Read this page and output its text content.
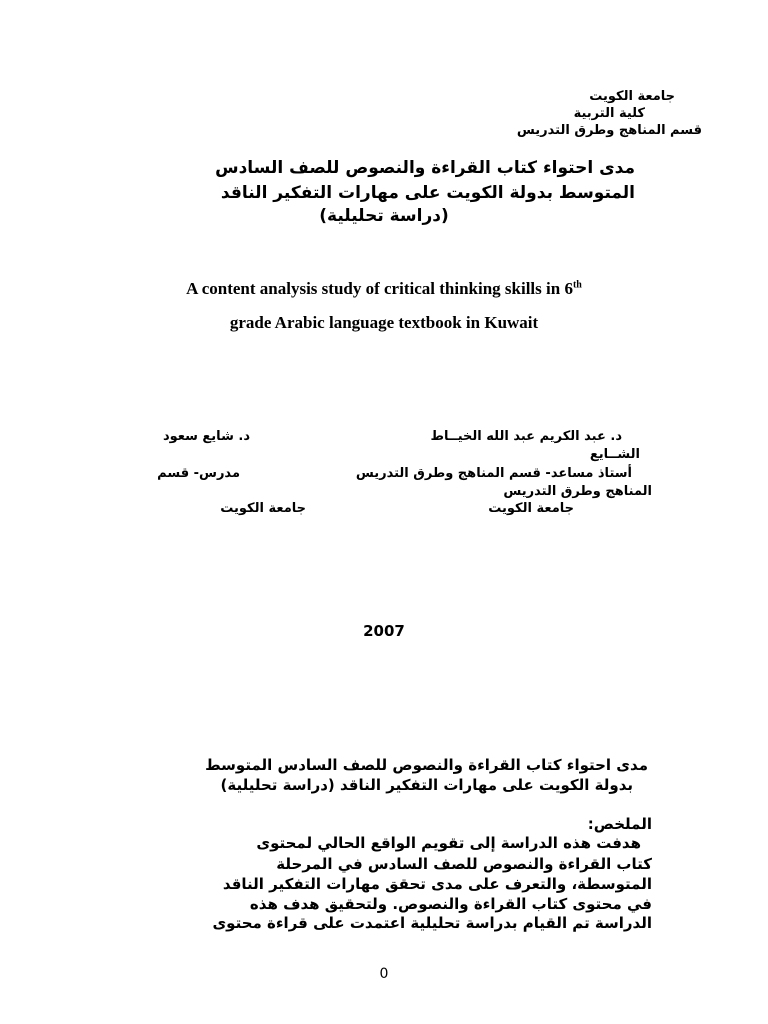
جامعة الكويت
كلية التربية
قسم المناهج وطرق التدريس
مدى احتواء كتاب القراءة والنصوص للصف السادس
المتوسط بدولة الكويت على مهارات التفكير الناقد
(دراسة تحليلية)
A content analysis study of critical thinking skills in 6th
grade Arabic language textbook in Kuwait
د. عبد الكريم عبد الله الخيــاط
د. شايع سعود
الشــايع
أستاذ مساعد- قسم المناهج وطرق التدريس
مدرس- قسم
المناهج وطرق التدريس
جامعة الكويت
جامعة الكويت
2007
مدى احتواء كتاب القراءة والنصوص للصف السادس المتوسط
بدولة الكويت على مهارات التفكير الناقد (دراسة تحليلية)
الملخص:
هدفت هذه الدراسة إلى تقويم الواقع الحالي لمحتوى
كتاب القراءة والنصوص للصف السادس في المرحلة
المتوسطة، والتعرف على مدى تحقق مهارات التفكير الناقد
في محتوى كتاب القراءة والنصوص. ولتحقيق هدف هذه
الدراسة تم القيام بدراسة تحليلية اعتمدت على قراءة محتوى
0
